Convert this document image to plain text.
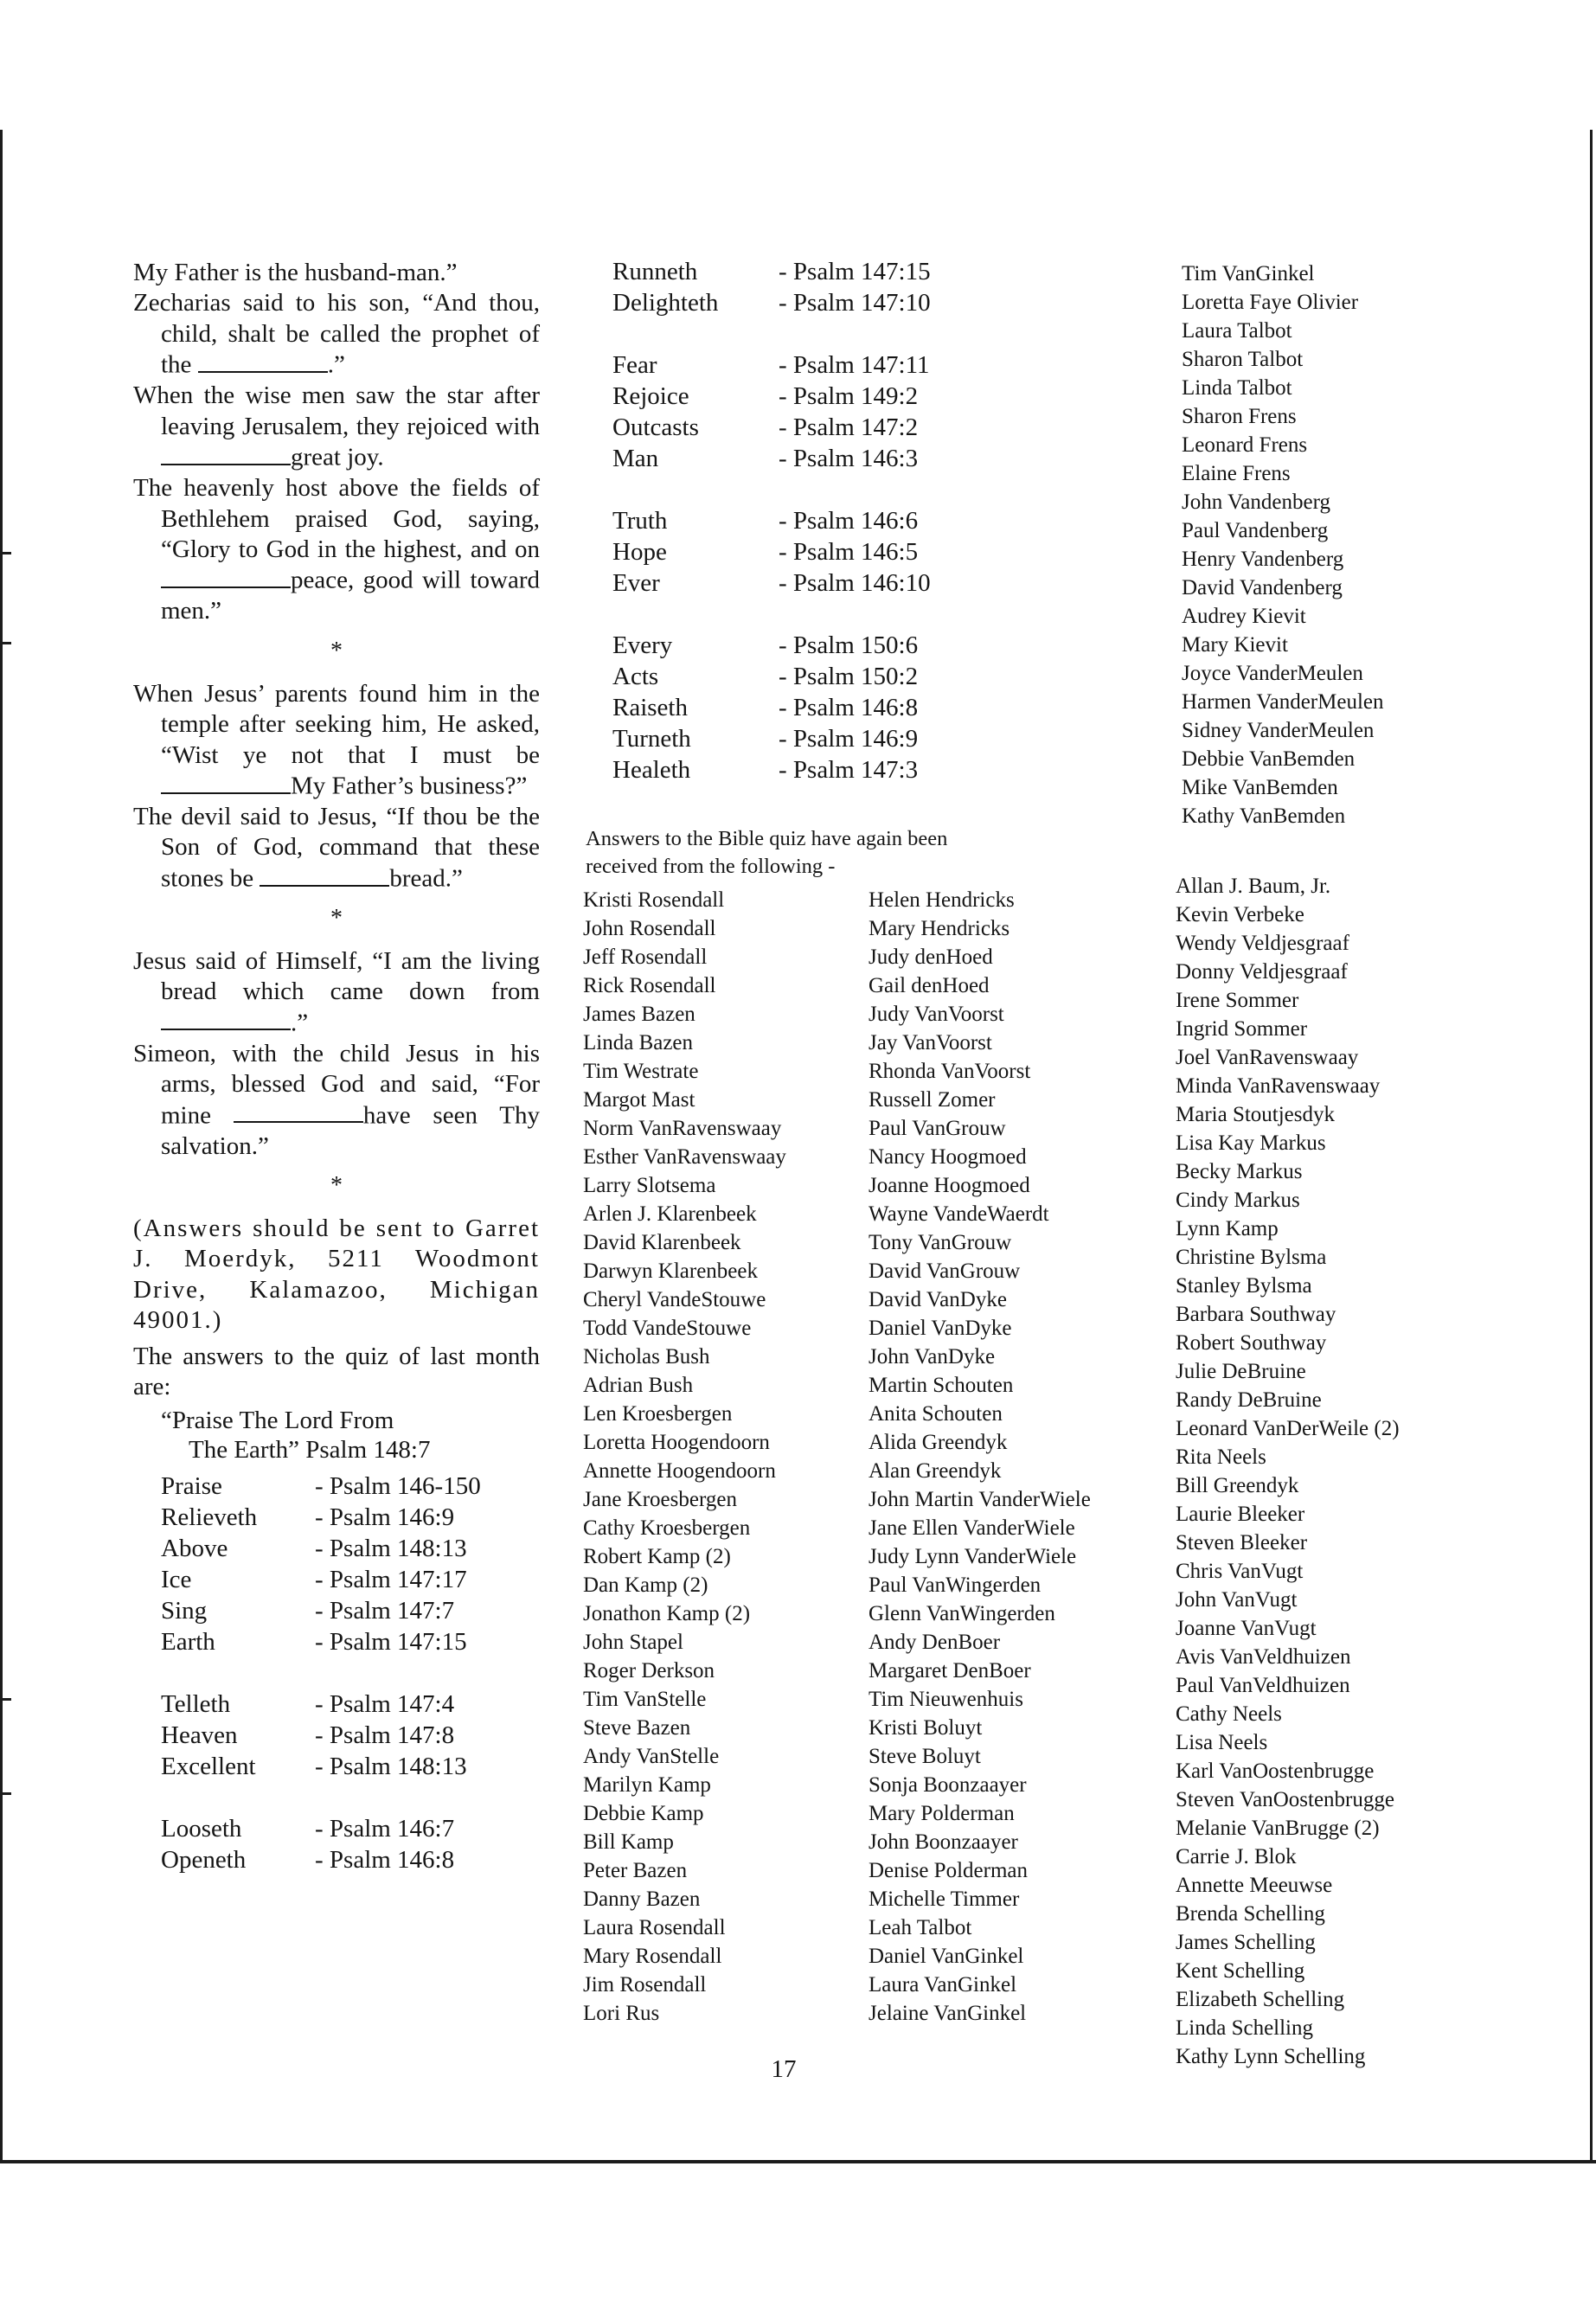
My Father is the husband-man.”

Zecharias said to his son, “And thou, child, shalt be called the prophet of the	.”

When the wise men saw the star after leaving Jerusalem, they rejoiced with great joy.

The heavenly host above the fields of Bethlehem praised God, saying, “Glory to God in the highest, and on peace, good will toward men.”

*

When Jesus’ parents found him in the temple after seeking him, He asked, “Wist ye not that I must be My Father’s business?”

The devil said to Jesus, “If thou be the Son of God, command that these stones be	bread.”

*

Jesus said of Himself, “I am the living bread which came down from .”

Simeon, with the child Jesus in his arms, blessed God and said, “For mine	have seen Thy salvation.”

*

(Answers should be sent to Garret J. Moerdyk, 5211 Woodmont Drive, Kalamazoo, Michigan 49001.)

The answers to the quiz of last month are:

“Praise The Lord From
The Earth” Psalm 148:7

Praise	- Psalm 146-150
Relieveth	- Psalm 146:9
Above	- Psalm 148:13
Ice	- Psalm 147:17
Sing	- Psalm 147:7
Earth	- Psalm 147:15

Telleth	- Psalm 147:4
Heaven	- Psalm 147:8
Excellent	- Psalm 148:13

Looseth	- Psalm 146:7
Openeth	- Psalm 146:8
Runneth	- Psalm 147:15
Delighteth	- Psalm 147:10

Fear	- Psalm 147:11
Rejoice	- Psalm 149:2
Outcasts	- Psalm 147:2
Man	- Psalm 146:3

Truth	- Psalm 146:6
Hope	- Psalm 146:5
Ever	- Psalm 146:10

Every	- Psalm 150:6
Acts	- Psalm 150:2
Raiseth	- Psalm 146:8
Turneth	- Psalm 146:9
Healeth	- Psalm 147:3

Answers to the Bible quiz have again been received from the following -

Kristi Rosendall
John Rosendall
Jeff Rosendall
Rick Rosendall
James Bazen
Linda Bazen
Tim Westrate
Margot Mast
Norm VanRavenswaay
Esther VanRavenswaay
Larry Slotsema
Arlen J. Klarenbeek
David Klarenbeek
Darwyn Klarenbeek
Cheryl VandeStouwe
Todd VandeStouwe
Nicholas Bush
Adrian Bush
Len Kroesbergen
Loretta Hoogendoorn
Annette Hoogendoorn
Jane Kroesbergen
Cathy Kroesbergen
Robert Kamp (2)
Dan Kamp (2)
Jonathon Kamp (2)
John Stapel
Roger Derkson
Tim VanStelle
Steve Bazen
Andy VanStelle
Marilyn Kamp
Debbie Kamp
Bill Kamp
Peter Bazen
Danny Bazen
Laura Rosendall
Mary Rosendall
Jim Rosendall
Lori Rus
Helen Hendricks
Mary Hendricks
Judy denHoed
Gail denHoed
Judy VanVoorst
Jay VanVoorst
Rhonda VanVoorst
Russell Zomer
Paul VanGrouw
Nancy Hoogmoed
Joanne Hoogmoed
Wayne VandeWaerdt
Tony VanGrouw
David VanGrouw
David VanDyke
Daniel VanDyke
John VanDyke
Martin Schouten
Anita Schouten
Alida Greendyk
Alan Greendyk
John Martin VanderWiele
Jane Ellen VanderWiele
Judy Lynn VanderWiele
Paul VanWingerden
Glenn VanWingerden
Andy DenBoer
Margaret DenBoer
Tim Nieuwenhuis
Kristi Boluyt
Steve Boluyt
Sonja Boonzaayer
Mary Polderman
John Boonzaayer
Denise Polderman
Michelle Timmer
Leah Talbot
Daniel VanGinkel
Laura VanGinkel
Jelaine VanGinkel
Allan J. Baum, Jr.
Kevin Verbeke
Wendy Veldjesgraaf
Donny Veldjesgraaf
Irene Sommer
Ingrid Sommer
Joel VanRavenswaay
Minda VanRavenswaay
Maria Stoutjesdyk
Lisa Kay Markus
Becky Markus
Cindy Markus
Lynn Kamp
Christine Bylsma
Stanley Bylsma
Barbara Southway
Robert Southway
Julie DeBruine
Randy DeBruine
Leonard VanDerWeile (2)
Rita Neels
Bill Greendyk
Laurie Bleeker
Steven Bleeker
Chris VanVugt
John VanVugt
Joanne VanVugt
Avis VanVeldhuizen
Paul VanVeldhuizen
Cathy Neels
Lisa Neels
Karl VanOostenbrugge
Steven VanOostenbrugge
Melanie VanBrugge (2)
Carrie J. Blok
Annette Meeuwse
Brenda Schelling
James Schelling
Kent Schelling
Elizabeth Schelling
Linda Schelling
Kathy Lynn Schelling
Tim VanGinkel
Loretta Faye Olivier
Laura Talbot
Sharon Talbot
Linda Talbot
Sharon Frens
Leonard Frens
Elaine Frens
John Vandenberg
Paul Vandenberg
Henry Vandenberg
David Vandenberg
Audrey Kievit
Mary Kievit
Joyce VanderMeulen
Harmen VanderMeulen
Sidney VanderMeulen
Debbie VanBemden
Mike VanBemden
Kathy VanBemden
17
